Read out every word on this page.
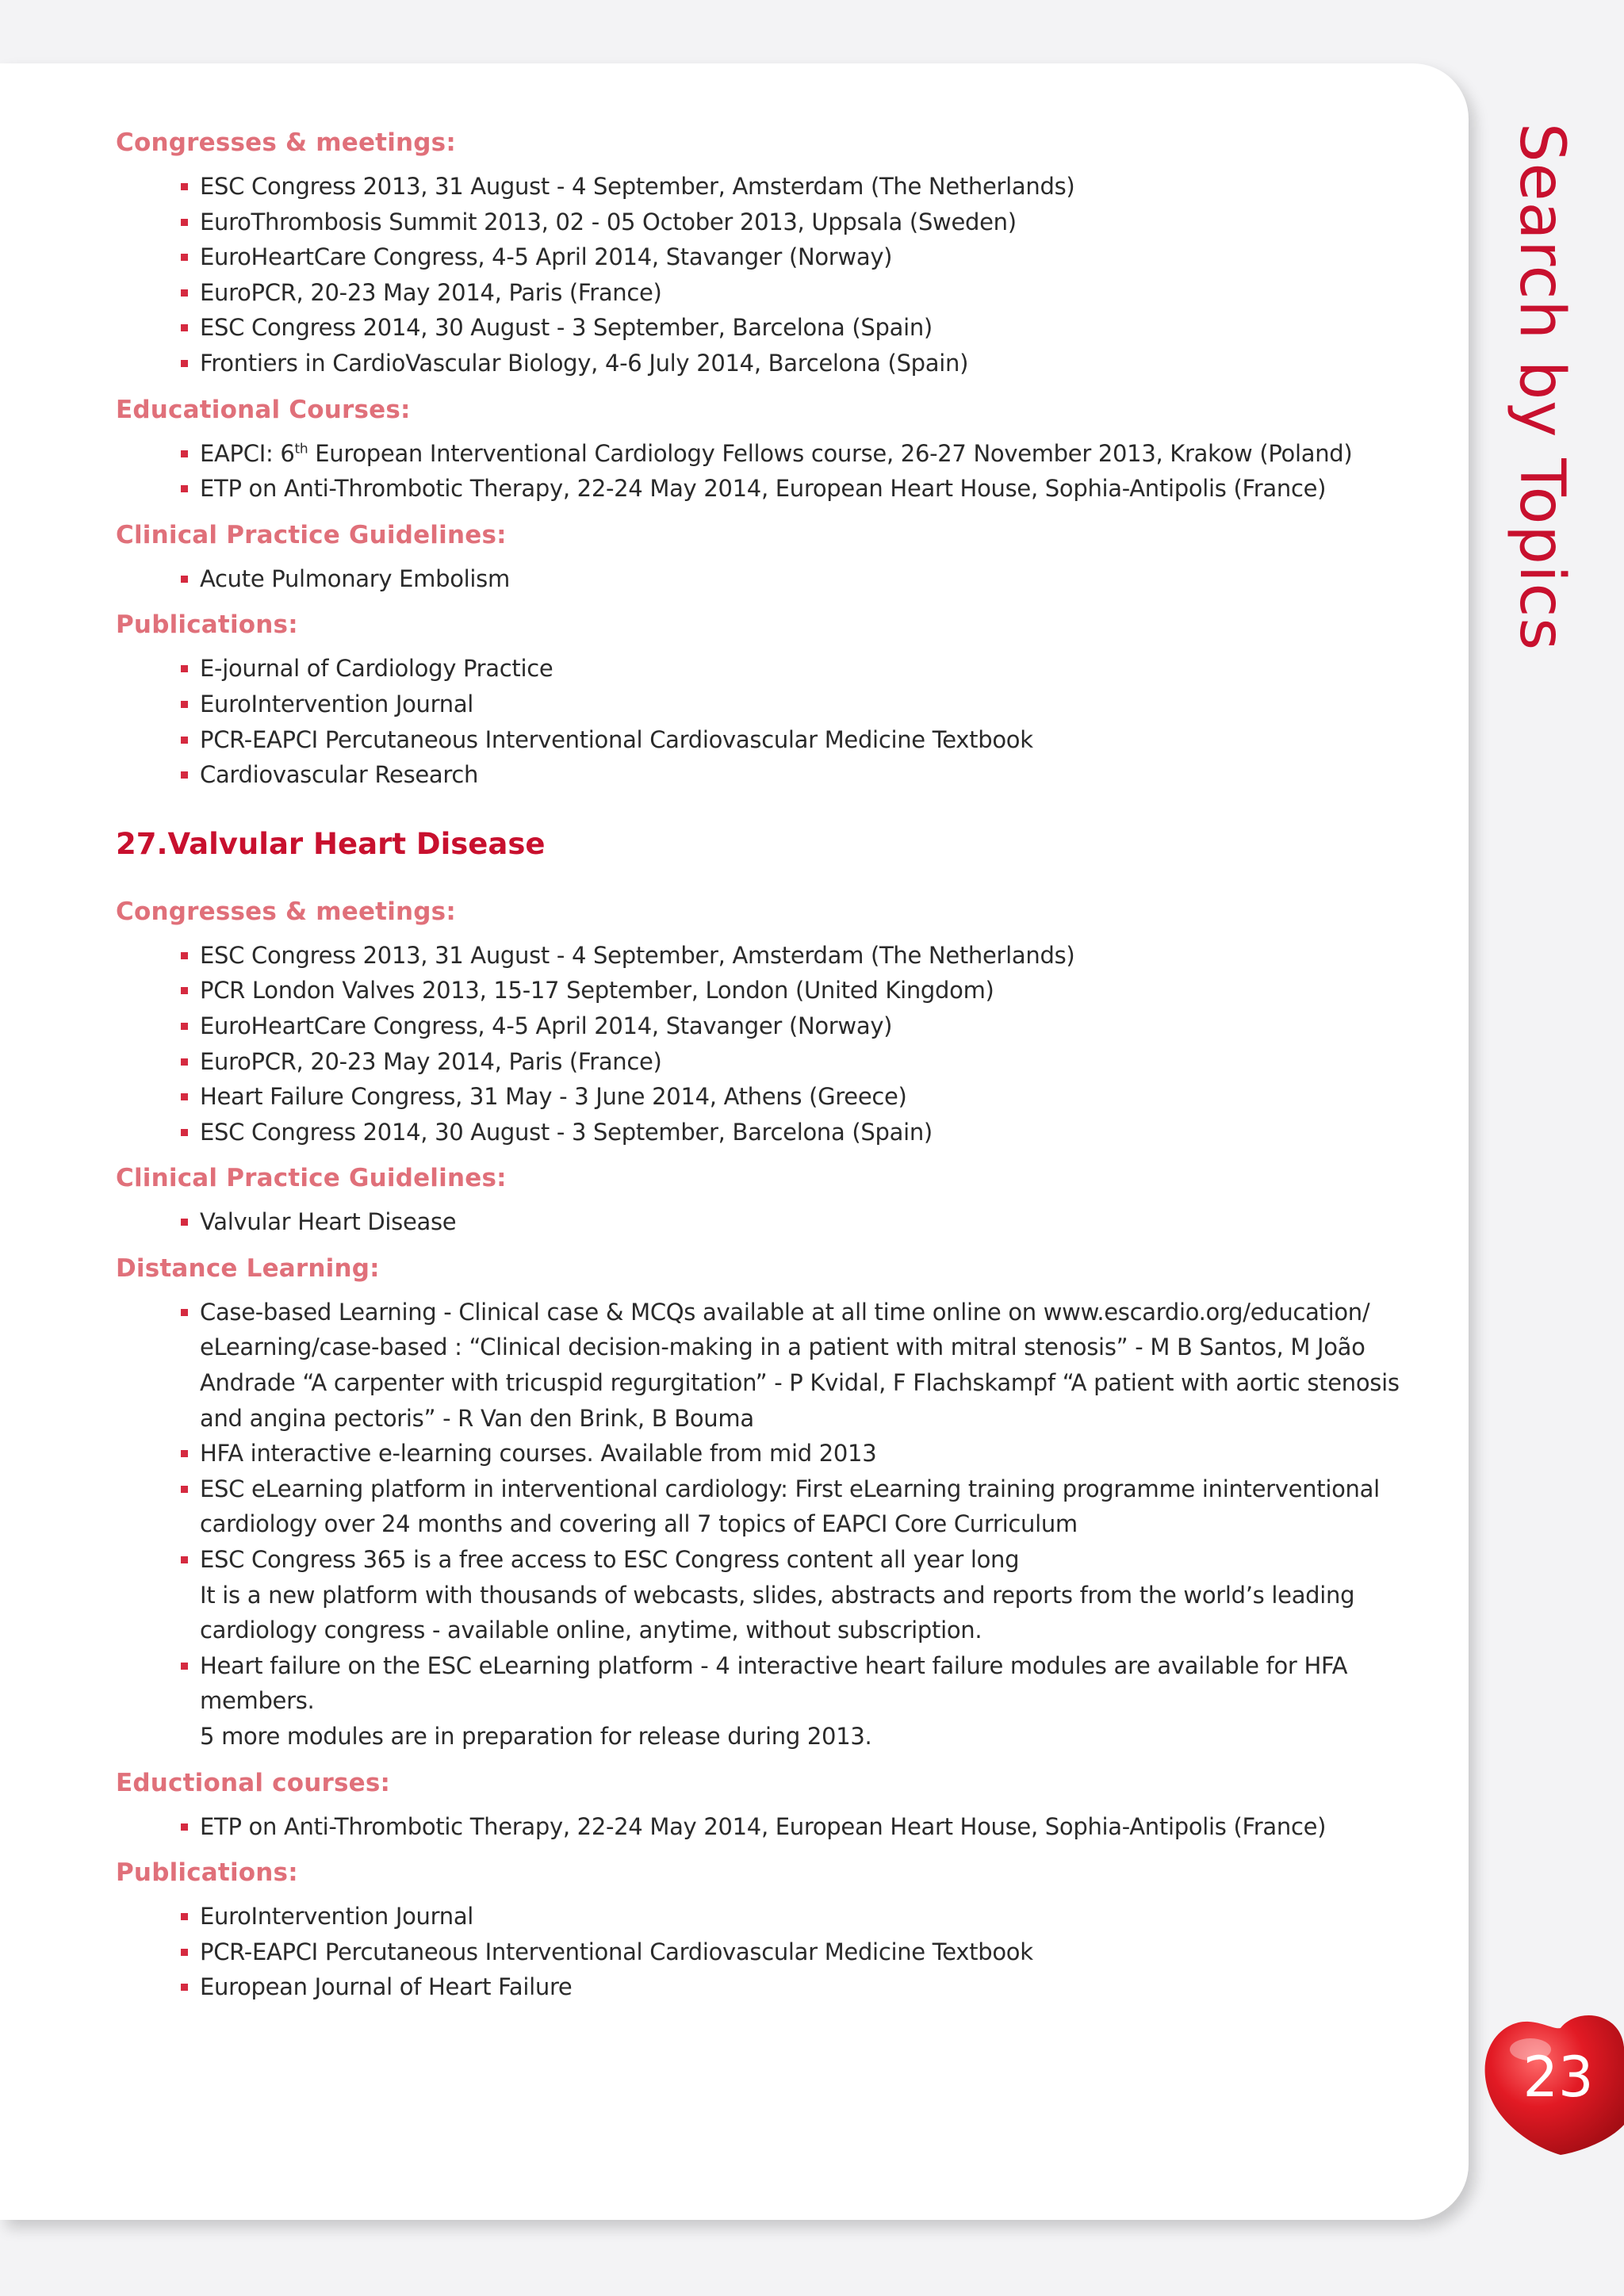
Congresses & meetings:
ESC Congress 2013, 31 August - 4 September, Amsterdam (The Netherlands)
EuroThrombosis Summit 2013, 02 - 05 October 2013, Uppsala (Sweden)
EuroHeartCare Congress, 4-5 April 2014, Stavanger (Norway)
EuroPCR, 20-23 May 2014, Paris (France)
ESC Congress 2014, 30 August - 3 September, Barcelona (Spain)
Frontiers in CardioVascular Biology, 4-6 July 2014, Barcelona (Spain)
Educational Courses:
EAPCI: 6th European Interventional Cardiology Fellows course, 26-27 November 2013, Krakow (Poland)
ETP on Anti-Thrombotic Therapy, 22-24 May 2014, European Heart House, Sophia-Antipolis (France)
Clinical Practice Guidelines:
Acute Pulmonary Embolism
Publications:
E-journal of Cardiology Practice
EuroIntervention Journal
PCR-EAPCI Percutaneous Interventional Cardiovascular Medicine Textbook
Cardiovascular Research
27.Valvular Heart Disease
Congresses & meetings:
ESC Congress 2013, 31 August - 4 September, Amsterdam (The Netherlands)
PCR London Valves 2013, 15-17 September, London (United Kingdom)
EuroHeartCare Congress, 4-5 April 2014, Stavanger (Norway)
EuroPCR, 20-23 May 2014, Paris (France)
Heart Failure Congress, 31 May - 3 June 2014, Athens (Greece)
ESC Congress 2014, 30 August - 3 September, Barcelona (Spain)
Clinical Practice Guidelines:
Valvular Heart Disease
Distance Learning:
Case-based Learning - Clinical case & MCQs available at all time online on www.escardio.org/education/ eLearning/case-based : “Clinical decision-making in a patient with mitral stenosis” - M B Santos, M João Andrade “A carpenter with tricuspid regurgitation” - P Kvidal, F Flachskampf “A patient with aortic stenosis and angina pectoris” - R Van den Brink, B Bouma
HFA interactive e-learning courses. Available from mid 2013
ESC eLearning platform in interventional cardiology: First eLearning training programme ininterventional cardiology over 24 months and covering all 7 topics of EAPCI Core Curriculum
ESC Congress 365 is a free access to ESC Congress content all year long
It is a new platform with thousands of webcasts, slides, abstracts and reports from the world’s leading cardiology congress - available online, anytime, without subscription.
Heart failure on the ESC eLearning platform - 4 interactive heart failure modules are available for HFA members.
5 more modules are in preparation for release during 2013.
Eductional courses:
ETP on Anti-Thrombotic Therapy, 22-24 May 2014, European Heart House, Sophia-Antipolis (France)
Publications:
EuroIntervention Journal
PCR-EAPCI Percutaneous Interventional Cardiovascular Medicine Textbook
European Journal of Heart Failure
Search by Topics
23
